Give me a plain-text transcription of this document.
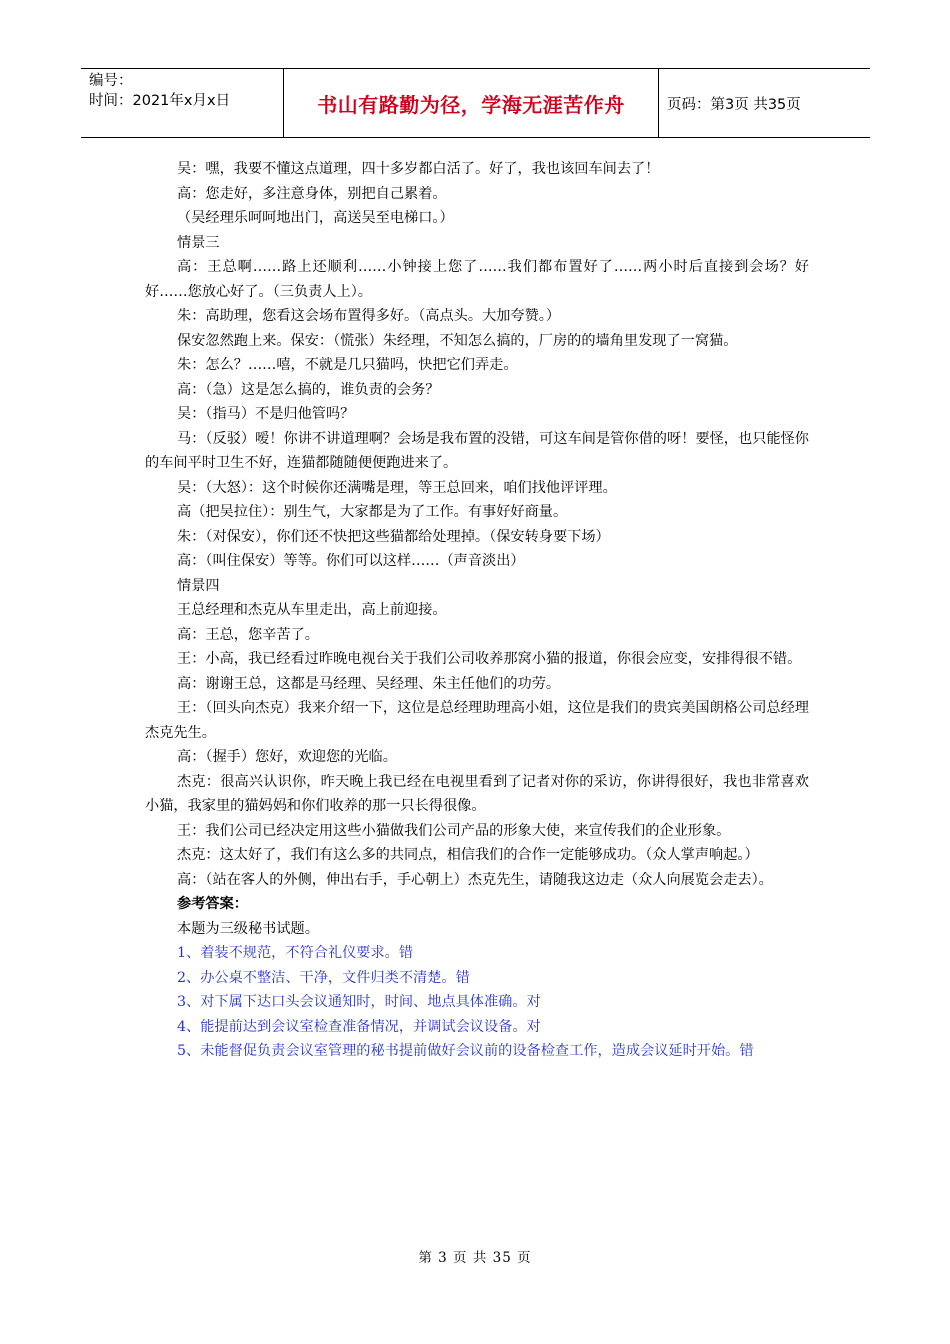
编号：
时间：2021年x月x日	书山有路勤为径，学海无涯苦作舟	页码：第3页 共35页

吴：嘿，我要不懂这点道理，四十多岁都白活了。好了，我也该回车间去了！

高：您走好，多注意身体，别把自己累着。

（吴经理乐呵呵地出门，高送吴至电梯口。）

情景三

高：王总啊……路上还顺利……小钟接上您了……我们都布置好了……两小时后直接到会场？好好……您放心好了。（三负责人上）。

朱：高助理，您看这会场布置得多好。（高点头。大加夸赞。）

保安忽然跑上来。保安：（慌张）朱经理，不知怎么搞的，厂房的的墙角里发现了一窝猫。

朱：怎么？……嘻，不就是几只猫吗，快把它们弄走。

高：（急）这是怎么搞的，谁负责的会务？

吴：（指马）不是归他管吗？

马：（反驳）嗳！你讲不讲道理啊？会场是我布置的没错，可这车间是管你借的呀！要怪，也只能怪你的车间平时卫生不好，连猫都随随便便跑进来了。

吴：（大怒）：这个时候你还满嘴是理，等王总回来，咱们找他评评理。

高（把吴拉住）：别生气，大家都是为了工作。有事好好商量。

朱：（对保安），你们还不快把这些猫都给处理掉。（保安转身要下场）

高：（叫住保安）等等。你们可以这样……（声音淡出）

情景四

王总经理和杰克从车里走出，高上前迎接。

高：王总，您辛苦了。

王：小高，我已经看过昨晚电视台关于我们公司收养那窝小猫的报道，你很会应变，安排得很不错。

高：谢谢王总，这都是马经理、吴经理、朱主任他们的功劳。

王：（回头向杰克）我来介绍一下，这位是总经理助理高小姐，这位是我们的贵宾美国朗格公司总经理杰克先生。

高：（握手）您好，欢迎您的光临。

杰克：很高兴认识你，昨天晚上我已经在电视里看到了记者对你的采访，你讲得很好，我也非常喜欢小猫，我家里的猫妈妈和你们收养的那一只长得很像。

王：我们公司已经决定用这些小猫做我们公司产品的形象大使，来宣传我们的企业形象。

杰克：这太好了，我们有这么多的共同点，相信我们的合作一定能够成功。（众人掌声响起。）

高：（站在客人的外侧，伸出右手，手心朝上）杰克先生，请随我这边走（众人向展览会走去）。

参考答案：

本题为三级秘书试题。

1、着装不规范，不符合礼仪要求。错

2、办公桌不整洁、干净，文件归类不清楚。错

3、对下属下达口头会议通知时，时间、地点具体准确。对

4、能提前达到会议室检查准备情况，并调试会议设备。对

5、未能督促负责会议室管理的秘书提前做好会议前的设备检查工作，造成会议延时开始。错

第 3 页 共 35 页
